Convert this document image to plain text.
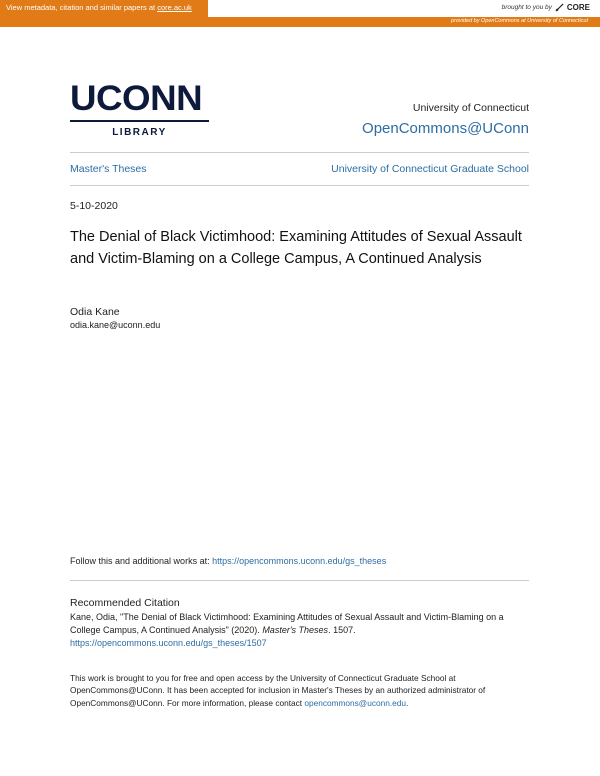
View metadata, citation and similar papers at core.ac.uk	brought to you by CORE
provided by OpenCommons at University of Connecticut
UCONN
LIBRARY
University of Connecticut
OpenCommons@UConn
Master's Theses	University of Connecticut Graduate School
5-10-2020
The Denial of Black Victimhood: Examining Attitudes of Sexual Assault and Victim-Blaming on a College Campus, A Continued Analysis
Odia Kane
odia.kane@uconn.edu
Follow this and additional works at: https://opencommons.uconn.edu/gs_theses
Recommended Citation
Kane, Odia, "The Denial of Black Victimhood: Examining Attitudes of Sexual Assault and Victim-Blaming on a College Campus, A Continued Analysis" (2020). Master's Theses. 1507.
https://opencommons.uconn.edu/gs_theses/1507
This work is brought to you for free and open access by the University of Connecticut Graduate School at OpenCommons@UConn. It has been accepted for inclusion in Master's Theses by an authorized administrator of OpenCommons@UConn. For more information, please contact opencommons@uconn.edu.
